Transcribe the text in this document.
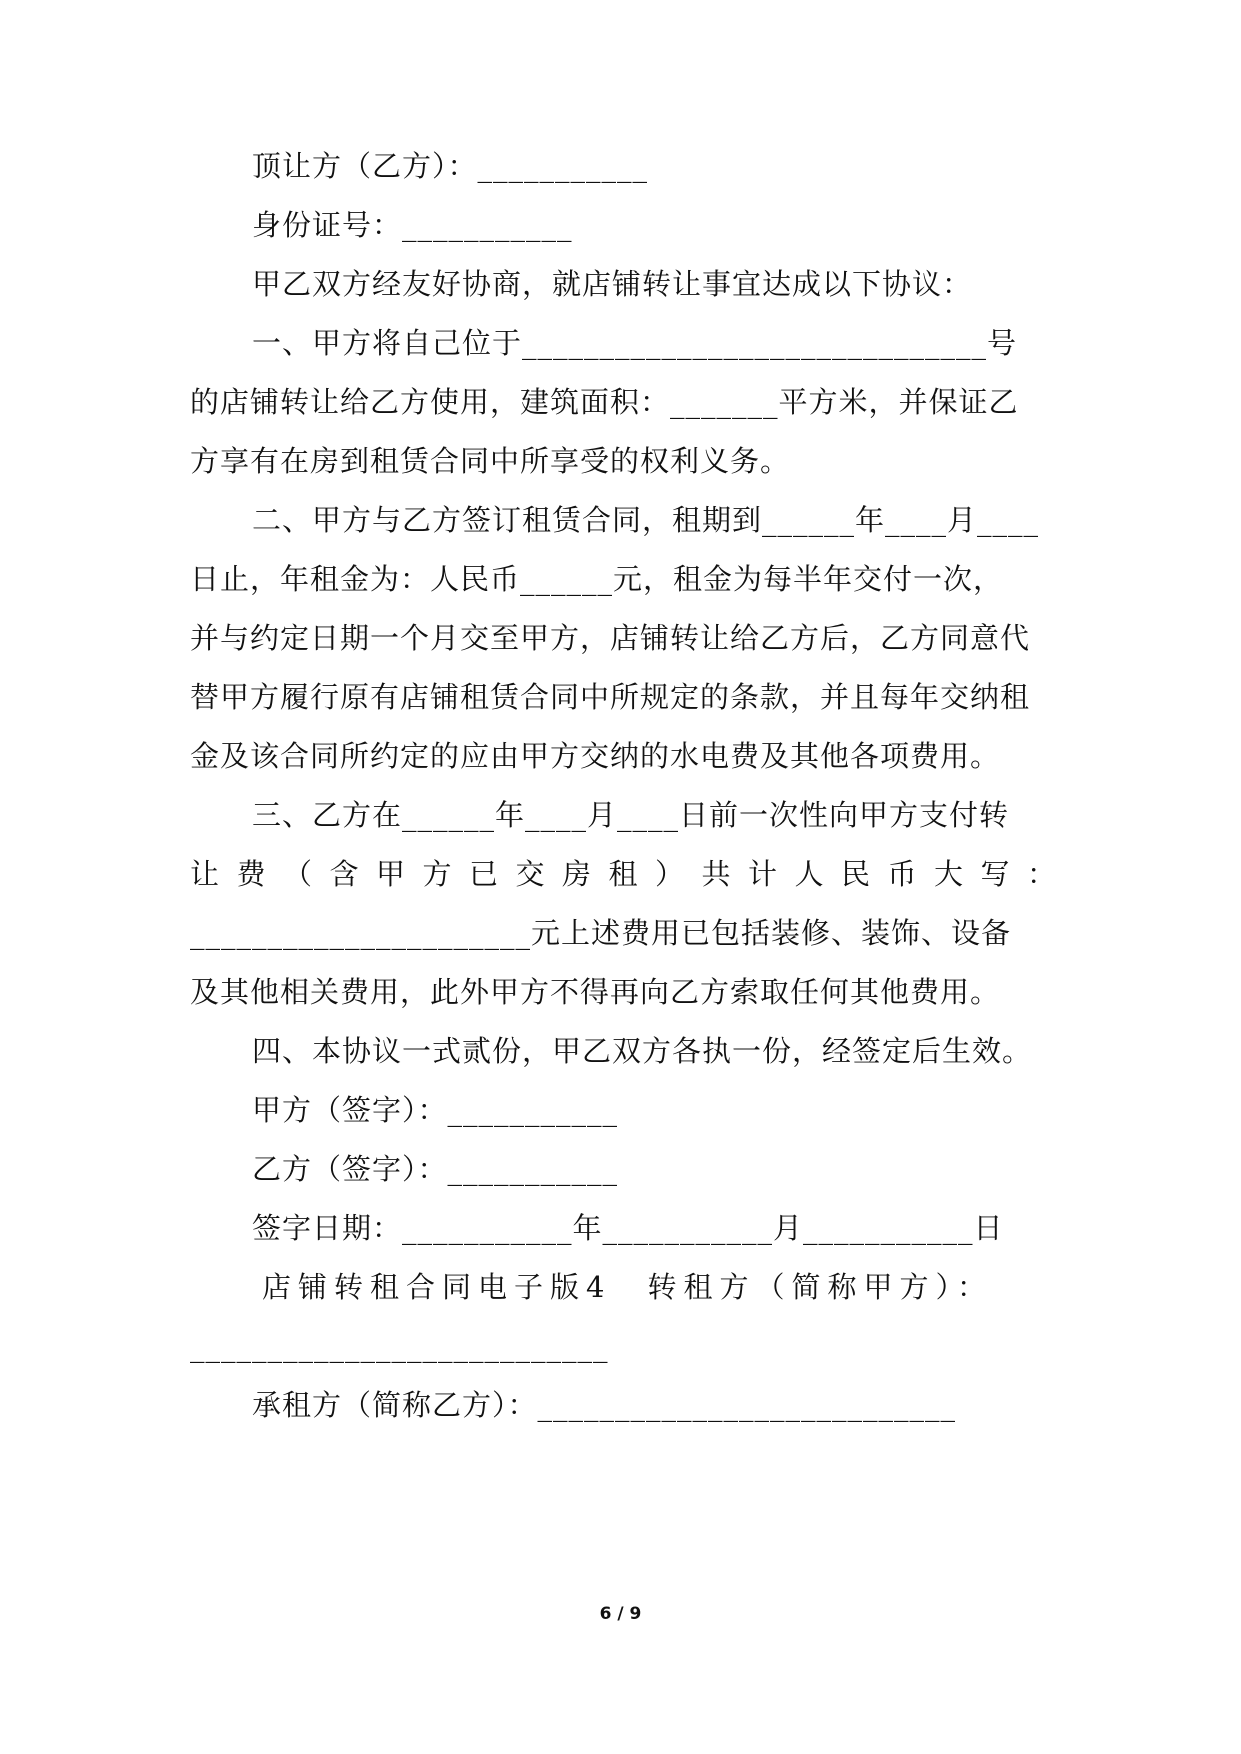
顶让方（乙方）：___________
身份证号：___________
甲乙双方经友好协商，就店铺转让事宜达成以下协议：
一、甲方将自己位于______________________________号
的店铺转让给乙方使用，建筑面积：_______平方米，并保证乙
方享有在房到租赁合同中所享受的权利义务。
二、甲方与乙方签订租赁合同，租期到______年____月____
日止，年租金为：人民币______元，租金为每半年交付一次，
并与约定日期一个月交至甲方，店铺转让给乙方后，乙方同意代
替甲方履行原有店铺租赁合同中所规定的条款，并且每年交纳租
金及该合同所约定的应由甲方交纳的水电费及其他各项费用。
三、乙方在______年____月____日前一次性向甲方支付转
让费（含甲方已交房租）共计人民币大写：
______________________元上述费用已包括装修、装饰、设备
及其他相关费用，此外甲方不得再向乙方索取任何其他费用。
四、本协议一式贰份，甲乙双方各执一份，经签定后生效。
甲方（签字）：___________
乙方（签字）：___________
签字日期：___________年___________月___________日
店铺转租合同电子版4　转租方（简称甲方）：
___________________________
承租方（简称乙方）：___________________________
6 / 9
